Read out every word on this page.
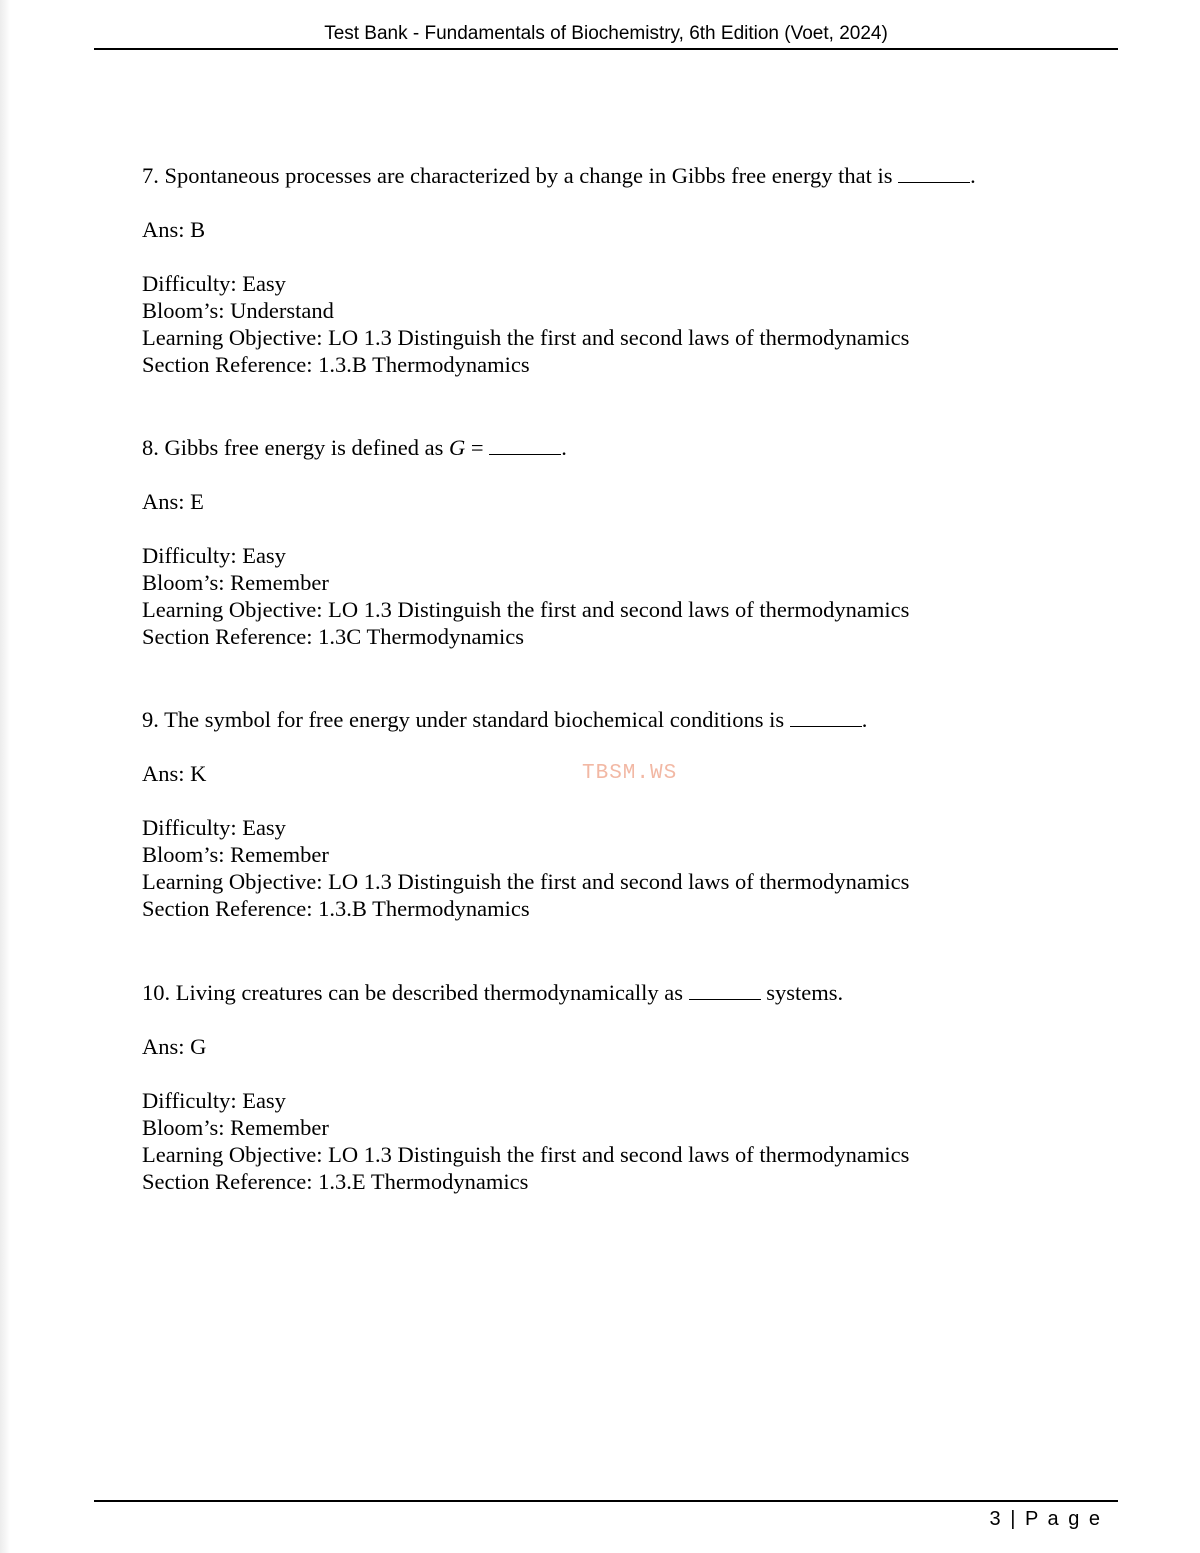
Test Bank - Fundamentals of Biochemistry, 6th Edition (Voet, 2024)

7. Spontaneous processes are characterized by a change in Gibbs free energy that is	.

Ans: B

Difficulty: Easy
Bloom’s: Understand
Learning Objective: LO 1.3 Distinguish the first and second laws of thermodynamics
Section Reference: 1.3.B Thermodynamics

8. Gibbs free energy is defined as G =	.

Ans: E

Difficulty: Easy
Bloom’s: Remember
Learning Objective: LO 1.3 Distinguish the first and second laws of thermodynamics
Section Reference: 1.3C Thermodynamics

9. The symbol for free energy under standard biochemical conditions is	.

Ans: K

Difficulty: Easy
Bloom’s: Remember
Learning Objective: LO 1.3 Distinguish the first and second laws of thermodynamics
Section Reference: 1.3.B Thermodynamics

10. Living creatures can be described thermodynamically as	systems.

Ans: G

Difficulty: Easy
Bloom’s: Remember
Learning Objective: LO 1.3 Distinguish the first and second laws of thermodynamics
Section Reference: 1.3.E Thermodynamics
TBSM.WS
3 | P a g e
